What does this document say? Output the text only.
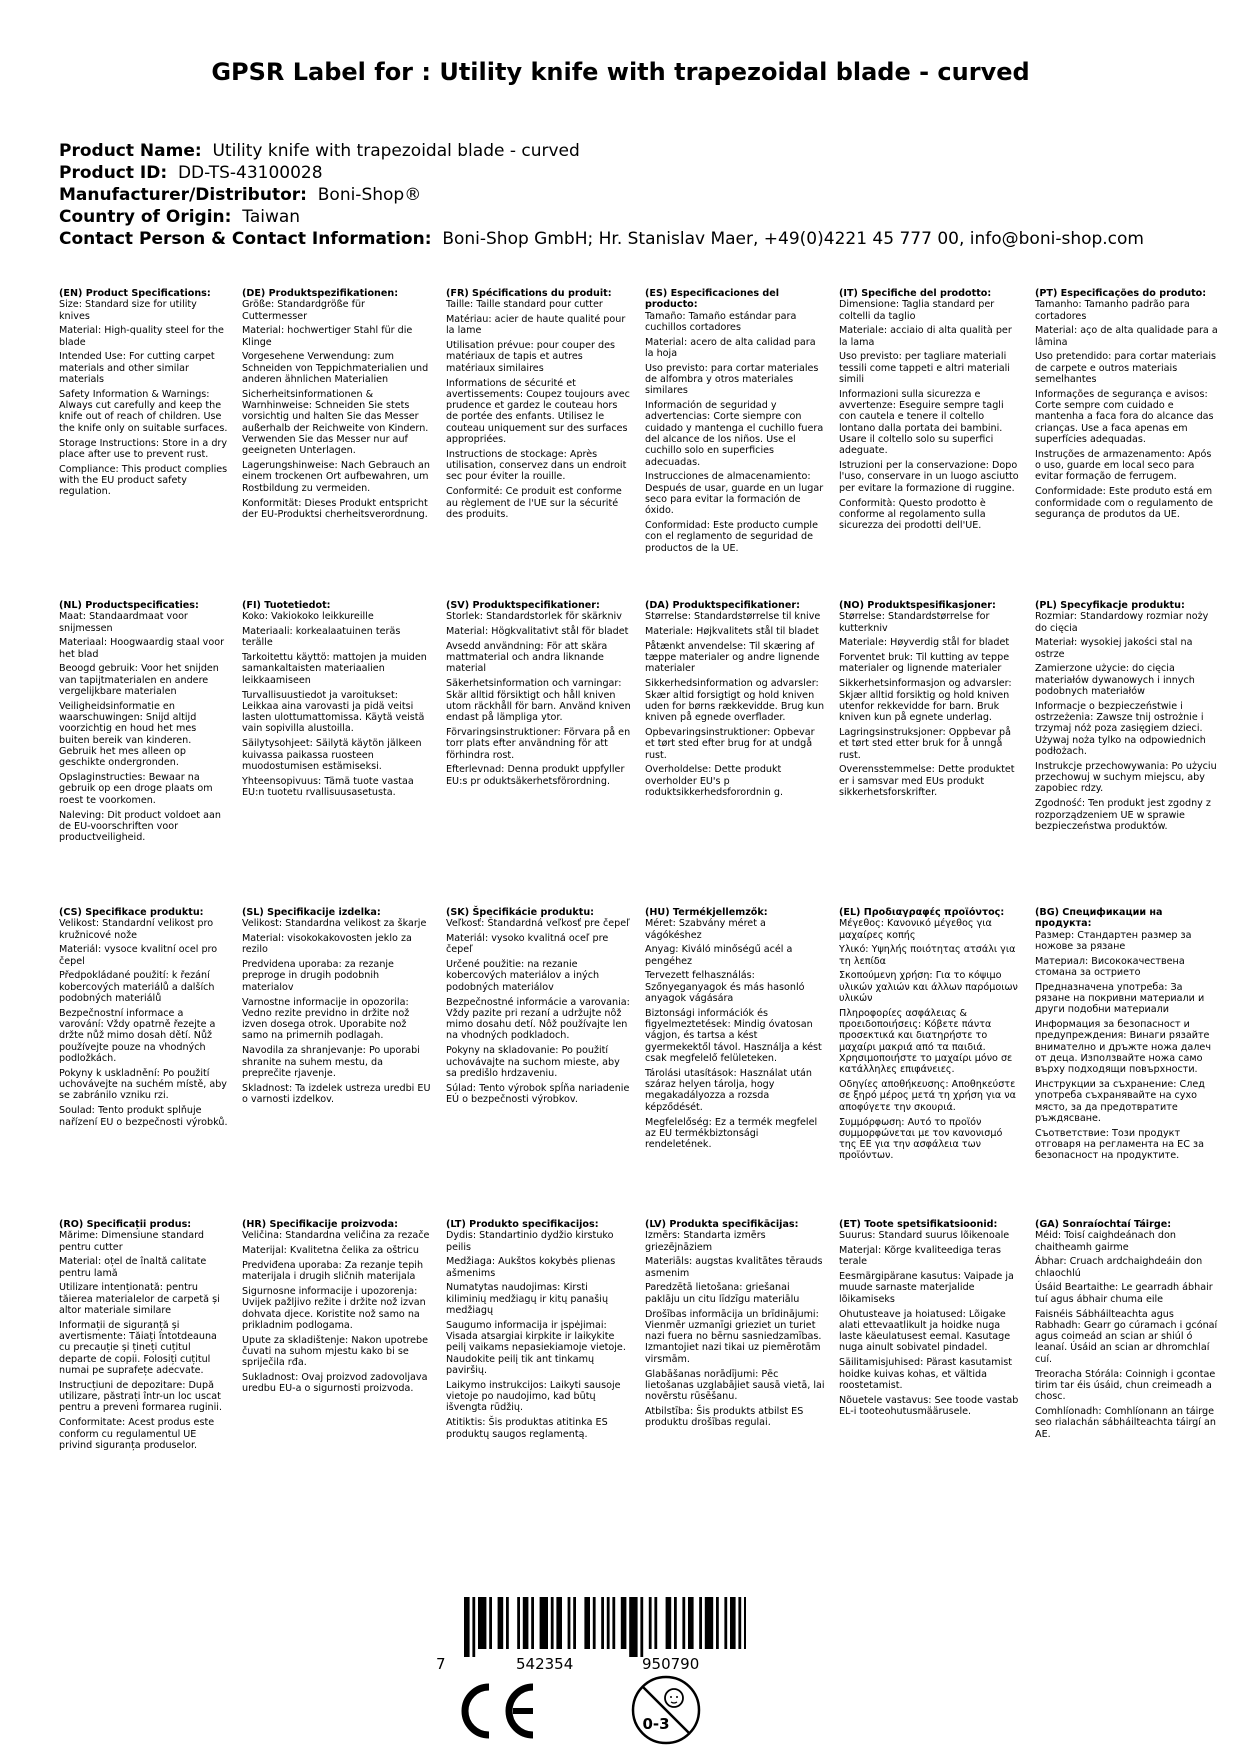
GPSR Label for : Utility knife with trapezoidal blade - curved
Product Name: Utility knife with trapezoidal blade - curved
Product ID: DD-TS-43100028
Manufacturer/Distributor: Boni-Shop®
Country of Origin: Taiwan
Contact Person & Contact Information: Boni-Shop GmbH; Hr. Stanislav Maer, +49(0)4221 45 777 00, info@boni-shop.com
(EN) Product Specifications:

Size: Standard size for utility knives

Material: High-quality steel for the blade

Intended Use: For cutting carpet materials and other similar materials

Safety Information & Warnings: Always cut carefully and keep the knife out of reach of children. Use the knife only on suitable surfaces.

Storage Instructions: Store in a dry place after use to prevent rust.

Compliance: This product complies with the EU product safety regulation.

(DE) Produktspezifikationen:

Größe: Standardgröße für Cuttermesser

Material: hochwertiger Stahl für die Klinge

Vorgesehene Verwendung: zum Schneiden von Teppichmaterialien und anderen ähnlichen Materialien

Sicherheitsinformationen & Warnhinweise: Schneiden Sie stets vorsichtig und halten Sie das Messer außerhalb der Reichweite von Kindern. Verwenden Sie das Messer nur auf geeigneten Unterlagen.

Lagerungshinweise: Nach Gebrauch an einem trockenen Ort aufbewahren, um Rostbildung zu vermeiden.

Konformität: Dieses Produkt entspricht der EU-Produktsi cherheitsverordnung.

(FR) Spécifications du produit:

Taille: Taille standard pour cutter

Matériau: acier de haute qualité pour la lame

Utilisation prévue: pour couper des matériaux de tapis et autres matériaux similaires

Informations de sécurité et avertissements: Coupez toujours avec prudence et gardez le couteau hors de portée des enfants. Utilisez le couteau uniquement sur des surfaces appropriées.

Instructions de stockage: Après utilisation, conservez dans un endroit sec pour éviter la rouille.

Conformité: Ce produit est conforme au règlement de l'UE sur la sécurité des produits.

(ES) Especificaciones del producto:

Tamaño: Tamaño estándar para cuchillos cortadores

Material: acero de alta calidad para la hoja

Uso previsto: para cortar materiales de alfombra y otros materiales similares

Información de seguridad y advertencias: Corte siempre con cuidado y mantenga el cuchillo fuera del alcance de los niños. Use el cuchillo solo en superficies adecuadas.

Instrucciones de almacenamiento: Después de usar, guarde en un lugar seco para evitar la formación de óxido.

Conformidad: Este producto cumple con el reglamento de seguridad de productos de la UE.

(IT) Specifiche del prodotto:

Dimensione: Taglia standard per coltelli da taglio

Materiale: acciaio di alta qualità per la lama

Uso previsto: per tagliare materiali tessili come tappeti e altri materiali simili

Informazioni sulla sicurezza e avvertenze: Eseguire sempre tagli con cautela e tenere il coltello lontano dalla portata dei bambini. Usare il coltello solo su superfici adeguate.

Istruzioni per la conservazione: Dopo l'uso, conservare in un luogo asciutto per evitare la formazione di ruggine.

Conformità: Questo prodotto è conforme al regolamento sulla sicurezza dei prodotti dell'UE.

(PT) Especificações do produto:

Tamanho: Tamanho padrão para cortadores

Material: aço de alta qualidade para a lâmina

Uso pretendido: para cortar materiais de carpete e outros materiais semelhantes

Informações de segurança e avisos: Corte sempre com cuidado e mantenha a faca fora do alcance das crianças. Use a faca apenas em superfícies adequadas.

Instruções de armazenamento: Após o uso, guarde em local seco para evitar formação de ferrugem.

Conformidade: Este produto está em conformidade com o regulamento de segurança de produtos da UE.

(NL) Productspecificaties:

Maat: Standaardmaat voor snijmessen

Materiaal: Hoogwaardig staal voor het blad

Beoogd gebruik: Voor het snijden van tapijtmaterialen en andere vergelijkbare materialen

Veiligheidsinformatie en waarschuwingen: Snijd altijd voorzichtig en houd het mes buiten bereik van kinderen. Gebruik het mes alleen op geschikte ondergronden.

Opslaginstructies: Bewaar na gebruik op een droge plaats om roest te voorkomen.

Naleving: Dit product voldoet aan de EU-voorschriften voor productveiligheid.

(FI) Tuotetiedot:

Koko: Vakiokoko leikkureille

Materiaali: korkealaatuinen teräs terälle

Tarkoitettu käyttö: mattojen ja muiden samankaltaisten materiaalien leikkaamiseen

Turvallisuustiedot ja varoitukset: Leikkaa aina varovasti ja pidä veitsi lasten ulottumattomissa. Käytä veistä vain sopivilla alustoilla.

Säilytysohjeet: Säilytä käytön jälkeen kuivassa paikassa ruosteen muodostumisen estämiseksi.

Yhteensopivuus: Tämä tuote vastaa EU:n tuotetu rvallisuusasetusta.

(SV) Produktspecifikationer:

Storlek: Standardstorlek för skärkniv

Material: Högkvalitativt stål för bladet

Avsedd användning: För att skära mattmaterial och andra liknande material

Säkerhetsinformation och varningar: Skär alltid försiktigt och håll kniven utom räckhåll för barn. Använd kniven endast på lämpliga ytor.

Förvaringsinstruktioner: Förvara på en torr plats efter användning för att förhindra rost.

Efterlevnad: Denna produkt uppfyller EU:s pr oduktsäkerhetsförordning.

(DA) Produktspecifikationer:

Størrelse: Standardstørrelse til knive

Materiale: Højkvalitets stål til bladet

Påtænkt anvendelse: Til skæring af tæppe materialer og andre lignende materialer

Sikkerhedsinformation og advarsler: Skær altid forsigtigt og hold kniven uden for børns rækkevidde. Brug kun kniven på egnede overflader.

Opbevaringsinstruktioner: Opbevar et tørt sted efter brug for at undgå rust.

Overholdelse: Dette produkt overholder EU's p roduktsikkerhedsforordnin g.

(NO) Produktspesifikasjoner:

Størrelse: Standardstørrelse for kutterkniv

Materiale: Høyverdig stål for bladet

Forventet bruk: Til kutting av teppe materialer og lignende materialer

Sikkerhetsinformasjon og advarsler: Skjær alltid forsiktig og hold kniven utenfor rekkevidde for barn. Bruk kniven kun på egnete underlag.

Lagringsinstruksjoner: Oppbevar på et tørt sted etter bruk for å unngå rust.

Overensstemmelse: Dette produktet er i samsvar med EUs produkt sikkerhetsforskrifter.

(PL) Specyfikacje produktu:

Rozmiar: Standardowy rozmiar noży do cięcia

Materiał: wysokiej jakości stal na ostrze

Zamierzone użycie: do cięcia materiałów dywanowych i innych podobnych materiałów

Informacje o bezpieczeństwie i ostrzeżenia: Zawsze tnij ostrożnie i trzymaj nóż poza zasięgiem dzieci. Używaj noża tylko na odpowiednich podłożach.

Instrukcje przechowywania: Po użyciu przechowuj w suchym miejscu, aby zapobiec rdzy.

Zgodność: Ten produkt jest zgodny z rozporządzeniem UE w sprawie bezpieczeństwa produktów.

(CS) Specifikace produktu:

Velikost: Standardní velikost pro kružnicové nože

Materiál: vysoce kvalitní ocel pro čepel

Předpokládané použití: k řezání kobercových materiálů a dalších podobných materiálů

Bezpečnostní informace a varování: Vždy opatrně řezejte a držte nůž mimo dosah dětí. Nůž používejte pouze na vhodných podložkách.

Pokyny k uskladnění: Po použití uchovávejte na suchém místě, aby se zabránilo vzniku rzi.

Soulad: Tento produkt splňuje nařízení EU o bezpečnosti výrobků.

(SL) Specifikacije izdelka:

Velikost: Standardna velikost za škarje

Material: visokokakovosten jeklo za rezilo

Predvidena uporaba: za rezanje preproge in drugih podobnih materialov

Varnostne informacije in opozorila: Vedno rezite previdno in držite nož izven dosega otrok. Uporabite nož samo na primernih podlagah.

Navodila za shranjevanje: Po uporabi shranite na suhem mestu, da preprečite rjavenje.

Skladnost: Ta izdelek ustreza uredbi EU o varnosti izdelkov.

(SK) Špecifikácie produktu:

Veľkosť: Štandardná veľkosť pre čepeľ

Materiál: vysoko kvalitná oceľ pre čepeľ

Určené použitie: na rezanie kobercových materiálov a iných podobných materiálov

Bezpečnostné informácie a varovania: Vždy pazite pri rezaní a udržujte nôž mimo dosahu detí. Nôž používajte len na vhodných podkladoch.

Pokyny na skladovanie: Po použití uchovávajte na suchom mieste, aby sa predišlo hrdzaveniu.

Súlad: Tento výrobok spĺňa nariadenie EÚ o bezpečnosti výrobkov.

(HU) Termékjellemzők:

Méret: Szabvány méret a vágókéshez

Anyag: Kiváló minőségű acél a pengéhez

Tervezett felhasználás: Szőnyeganyagok és más hasonló anyagok vágására

Biztonsági információk és figyelmeztetések: Mindig óvatosan vágjon, és tartsa a kést gyermekektől távol. Használja a kést csak megfelelő felületeken.

Tárolási utasítások: Használat után száraz helyen tárolja, hogy megakadályozza a rozsda képződését.

Megfelelőség: Ez a termék megfelel az EU termékbiztonsági rendeletének.

(EL) Προδιαγραφές προϊόντος:

Μέγεθος: Κανονικό μέγεθος για μαχαίρες κοπής

Υλικό: Υψηλής ποιότητας ατσάλι για τη λεπίδα

Σκοπούμενη χρήση: Για το κόψιμο υλικών χαλιών και άλλων παρόμοιων υλικών

Πληροφορίες ασφάλειας & προειδοποιήσεις: Κόβετε πάντα προσεκτικά και διατηρήστε το μαχαίρι μακριά από τα παιδιά. Χρησιμοποιήστε το μαχαίρι μόνο σε κατάλληλες επιφάνειες.

Οδηγίες αποθήκευσης: Αποθηκεύστε σε ξηρό μέρος μετά τη χρήση για να αποφύγετε την σκουριά.

Συμμόρφωση: Αυτό το προϊόν συμμορφώνεται με τον κανονισμό της ΕΕ για την ασφάλεια των προϊόντων.

(BG) Спецификации на продукта:

Размер: Стандартен размер за ножове за рязане

Материал: Висококачествена стомана за острието

Предназначена употреба: За рязане на покривни материали и други подобни материали

Информация за безопасност и предупреждения: Винаги рязайте внимателно и дръжте ножа далеч от деца. Използвайте ножа само върху подходящи повърхности.

Инструкции за съхранение: След употреба съхранявайте на сухо място, за да предотвратите ръждясване.

Съответствие: Този продукт отговаря на регламента на ЕС за безопасност на продуктите.

(RO) Specificații produs:

Mărime: Dimensiune standard pentru cutter

Material: oțel de înaltă calitate pentru lamă

Utilizare intenționată: pentru tăierea materialelor de carpetă și altor materiale similare

Informații de siguranță și avertismente: Tăiați întotdeauna cu precauție și țineți cuțitul departe de copii. Folosiți cuțitul numai pe suprafețe adecvate.

Instrucțiuni de depozitare: După utilizare, păstrați într-un loc uscat pentru a preveni formarea ruginii.

Conformitate: Acest produs este conform cu regulamentul UE privind siguranța produselor.

(HR) Specifikacije proizvoda:

Veličina: Standardna veličina za rezače

Materijal: Kvalitetna čelika za oštricu

Predviđena uporaba: Za rezanje tepih materijala i drugih sličnih materijala

Sigurnosne informacije i upozorenja: Uvijek pažljivo režite i držite nož izvan dohvata djece. Koristite nož samo na prikladnim podlogama.

Upute za skladištenje: Nakon upotrebe čuvati na suhom mjestu kako bi se spriječila rđa.

Sukladnost: Ovaj proizvod zadovoljava uredbu EU-a o sigurnosti proizvoda.

(LT) Produkto specifikacijos:

Dydis: Standartinio dydžio kirstuko peilis

Medžiaga: Aukštos kokybės plienas ašmenims

Numatytas naudojimas: Kirsti kiliminių medžiagų ir kitų panašių medžiagų

Saugumo informacija ir įspėjimai: Visada atsargiai kirpkite ir laikykite peilį vaikams nepasiekiamoje vietoje. Naudokite peilį tik ant tinkamų paviršių.

Laikymo instrukcijos: Laikyti sausoje vietoje po naudojimo, kad būtų išvengta rūdžių.

Atitiktis: Šis produktas atitinka ES produktų saugos reglamentą.

(LV) Produkta specifikācijas:

Izmērs: Standarta izmērs griezējnāziem

Materiāls: augstas kvalitātes tērauds asmenim

Paredzētā lietošana: griešanai paklāju un citu līdzīgu materiālu

Drošības informācija un brīdinājumi: Vienmēr uzmanīgi grieziet un turiet nazi fuera no bērnu sasniedzamības. Izmantojiet nazi tikai uz piemērotām virsmām.

Glabāšanas norādījumi: Pēc lietošanas uzglabājiet sausā vietā, lai novērstu rūsēšanu.

Atbilstība: Šis produkts atbilst ES produktu drošības regulai.

(ET) Toote spetsifikatsioonid:

Suurus: Standard suurus lõikenoale

Materjal: Kõrge kvaliteediga teras terale

Eesmärgipärane kasutus: Vaipade ja muude sarnaste materjalide lõikamiseks

Ohutusteave ja hoiatused: Lõigake alati ettevaatlikult ja hoidke nuga laste käeulatusest eemal. Kasutage nuga ainult sobivatel pindadel.

Säilitamisjuhised: Pärast kasutamist hoidke kuivas kohas, et vältida roostetamist.

Nõuetele vastavus: See toode vastab EL-i tooteohutusmäärusele.

(GA) Sonraíochtaí Táirge:

Méid: Toisí caighdeánach don chaitheamh gairme

Ábhar: Cruach ardchaighdeáin don chlaochlú

Úsáid Beartaithe: Le gearradh ábhair tuí agus ábhair chuma eile

Faisnéis Sábháilteachta agus Rabhadh: Gearr go cúramach i gcónaí agus coimeád an scian ar shiúl ó leanaí. Úsáid an scian ar dhromchlaí cuí.

Treoracha Stórála: Coinnigh i gcontae tirim tar éis úsáid, chun creimeadh a chosc.

Comhlíonadh: Comhlíonann an táirge seo rialachán sábháilteachta táirgí an AE.

7	542354	950790
0-3
